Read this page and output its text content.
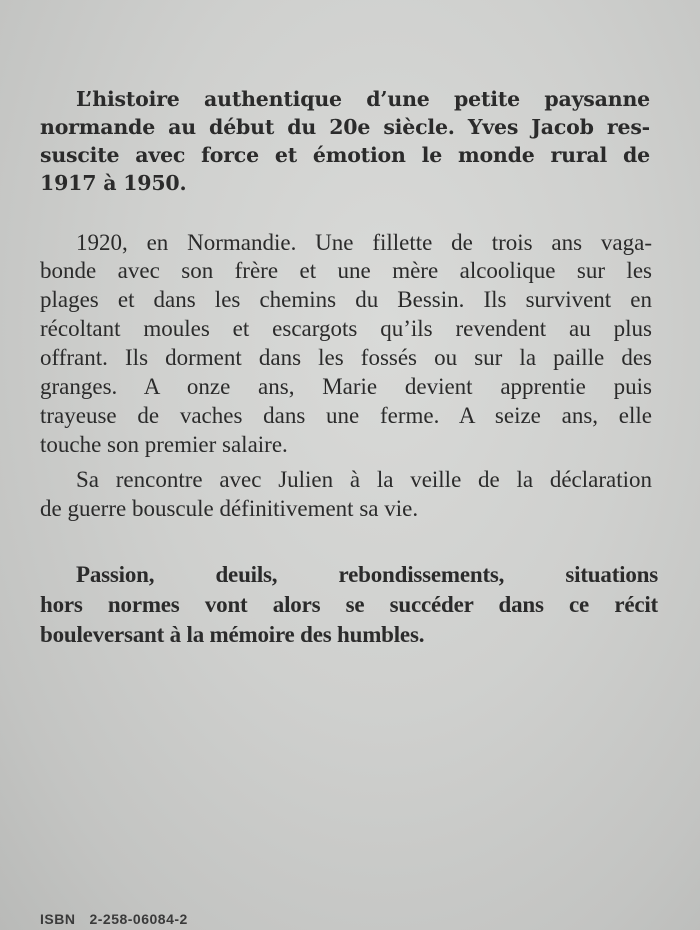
L’histoire authentique d’une petite paysanne
normande au début du 20e siècle. Yves Jacob res-
suscite avec force et émotion le monde rural de
1917 à 1950.
1920, en Normandie. Une fillette de trois ans vaga-
bonde avec son frère et une mère alcoolique sur les
plages et dans les chemins du Bessin. Ils survivent en
récoltant moules et escargots qu’ils revendent au plus
offrant. Ils dorment dans les fossés ou sur la paille des
granges. A onze ans, Marie devient apprentie puis
trayeuse de vaches dans une ferme. A seize ans, elle
touche son premier salaire.
Sa rencontre avec Julien à la veille de la déclaration
de guerre bouscule définitivement sa vie.
Passion, deuils, rebondissements, situations
hors normes vont alors se succéder dans ce récit
bouleversant à la mémoire des humbles.
ISBN 2-258-06084-2
